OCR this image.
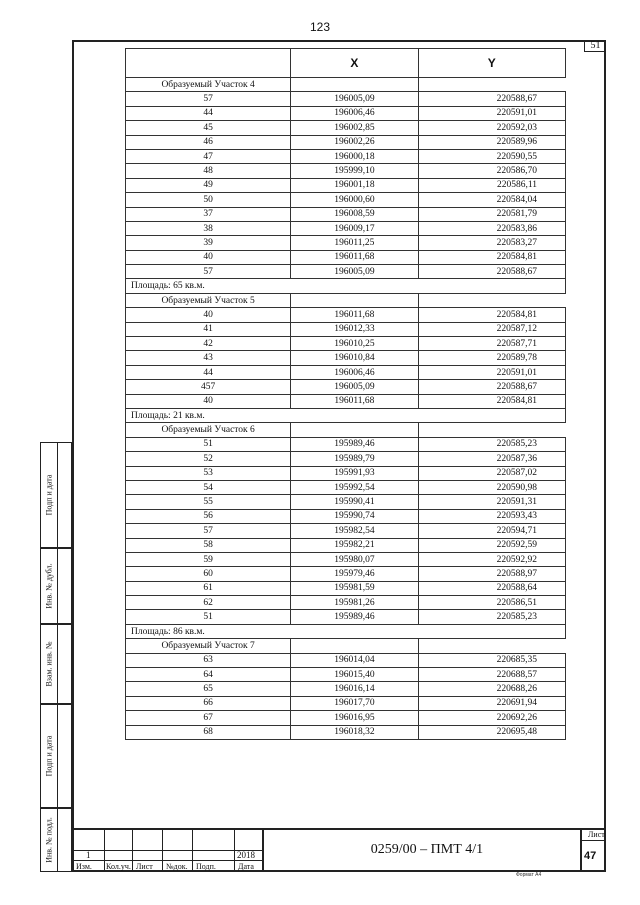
123
51
	X	Y
Образуемый Участок 4		
57	196005,09	220588,67
44	196006,46	220591,01
45	196002,85	220592,03
46	196002,26	220589,96
47	196000,18	220590,55
48	195999,10	220586,70
49	196001,18	220586,11
50	196000,60	220584,04
37	196008,59	220581,79
38	196009,17	220583,86
39	196011,25	220583,27
40	196011,68	220584,81
57	196005,09	220588,67
Площадь: 65 кв.м.		
Образуемый Участок 5		
40	196011,68	220584,81
41	196012,33	220587,12
42	196010,25	220587,71
43	196010,84	220589,78
44	196006,46	220591,01
457	196005,09	220588,67
40	196011,68	220584,81
Площадь: 21 кв.м.		
Образуемый Участок 6		
51	195989,46	220585,23
52	195989,79	220587,36
53	195991,93	220587,02
54	195992,54	220590,98
55	195990,41	220591,31
56	195990,74	220593,43
57	195982,54	220594,71
58	195982,21	220592,59
59	195980,07	220592,92
60	195979,46	220588,97
61	195981,59	220588,64
62	195981,26	220586,51
51	195989,46	220585,23
Площадь: 86 кв.м.		
Образуемый Участок 7		
63	196014,04	220685,35
64	196015,40	220688,57
65	196016,14	220688,26
66	196017,70	220691,94
67	196016,95	220692,26
68	196018,32	220695,48
Подп и дата
Инв. № дубл.
Взам. инв. №
Подп и дата
Инв. № подл.	1	2018
Изм. Кол.уч. Лист №док. Подп.	Дата
0259/00 – ПМТ 4/1
Лист
47
Формат А4
